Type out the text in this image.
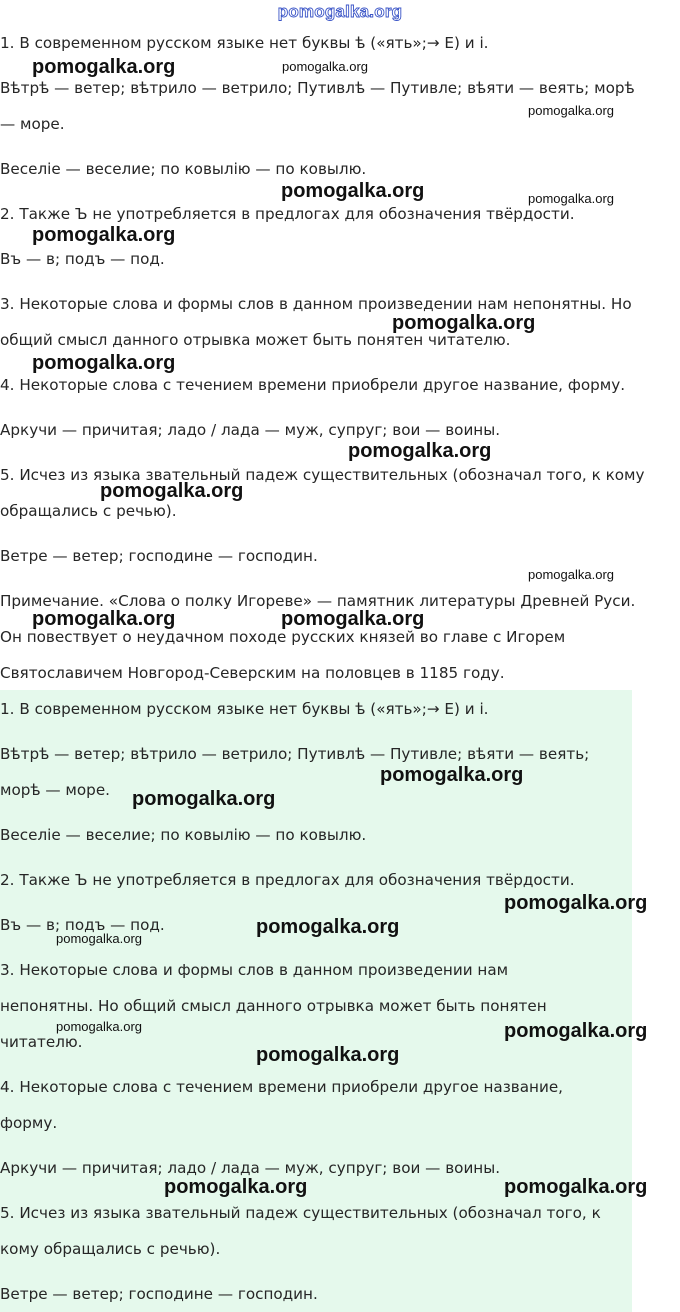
pomogalka.org
1. В современном русском языке нет буквы ѣ («ять»;→ Е) и і.
Вѣтрѣ — ветер; вѣтрило — ветрило; Путивлѣ — Путивле; вѣяти — веять; морѣ
— море.
Веселіе — веселие; по ковылію — по ковылю.
2. Также Ъ не употребляется в предлогах для обозначения твёрдости.
Въ — в; подъ — под.
3. Некоторые слова и формы слов в данном произведении нам непонятны. Но
общий смысл данного отрывка может быть понятен читателю.
4. Некоторые слова с течением времени приобрели другое название, форму.
Аркучи — причитая; ладо / лада — муж, супруг; вои — воины.
5. Исчез из языка звательный падеж существительных (обозначал того, к кому
обращались с речью).
Ветре — ветер; господине — господин.
Примечание. «Слова о полку Игореве» — памятник литературы Древней Руси.
Он повествует о неудачном походе русских князей во главе с Игорем
Святославичем Новгород-Северским на половцев в 1185 году.
1. В современном русском языке нет буквы ѣ («ять»;→ Е) и і.
Вѣтрѣ — ветер; вѣтрило — ветрило; Путивлѣ — Путивле; вѣяти — веять;
морѣ — море.
Веселіе — веселие; по ковылію — по ковылю.
2. Также Ъ не употребляется в предлогах для обозначения твёрдости.
Въ — в; подъ — под.
3. Некоторые слова и формы слов в данном произведении нам
непонятны. Но общий смысл данного отрывка может быть понятен
читателю.
4. Некоторые слова с течением времени приобрели другое название,
форму.
Аркучи — причитая; ладо / лада — муж, супруг; вои — воины.
5. Исчез из языка звательный падеж существительных (обозначал того, к
кому обращались с речью).
Ветре — ветер; господине — господин.
pomogalka.org	pomogalka.org
pomogalka.org
pomogalka.org	pomogalka.org
pomogalka.org
pomogalka.org
pomogalka.org
pomogalka.org
pomogalka.org
pomogalka.org
pomogalka.org	pomogalka.org
pomogalka.org
pomogalka.org
pomogalka.org
pomogalka.org
pomogalka.org
pomogalka.org	pomogalka.org
pomogalka.org
pomogalka.org	pomogalka.org
